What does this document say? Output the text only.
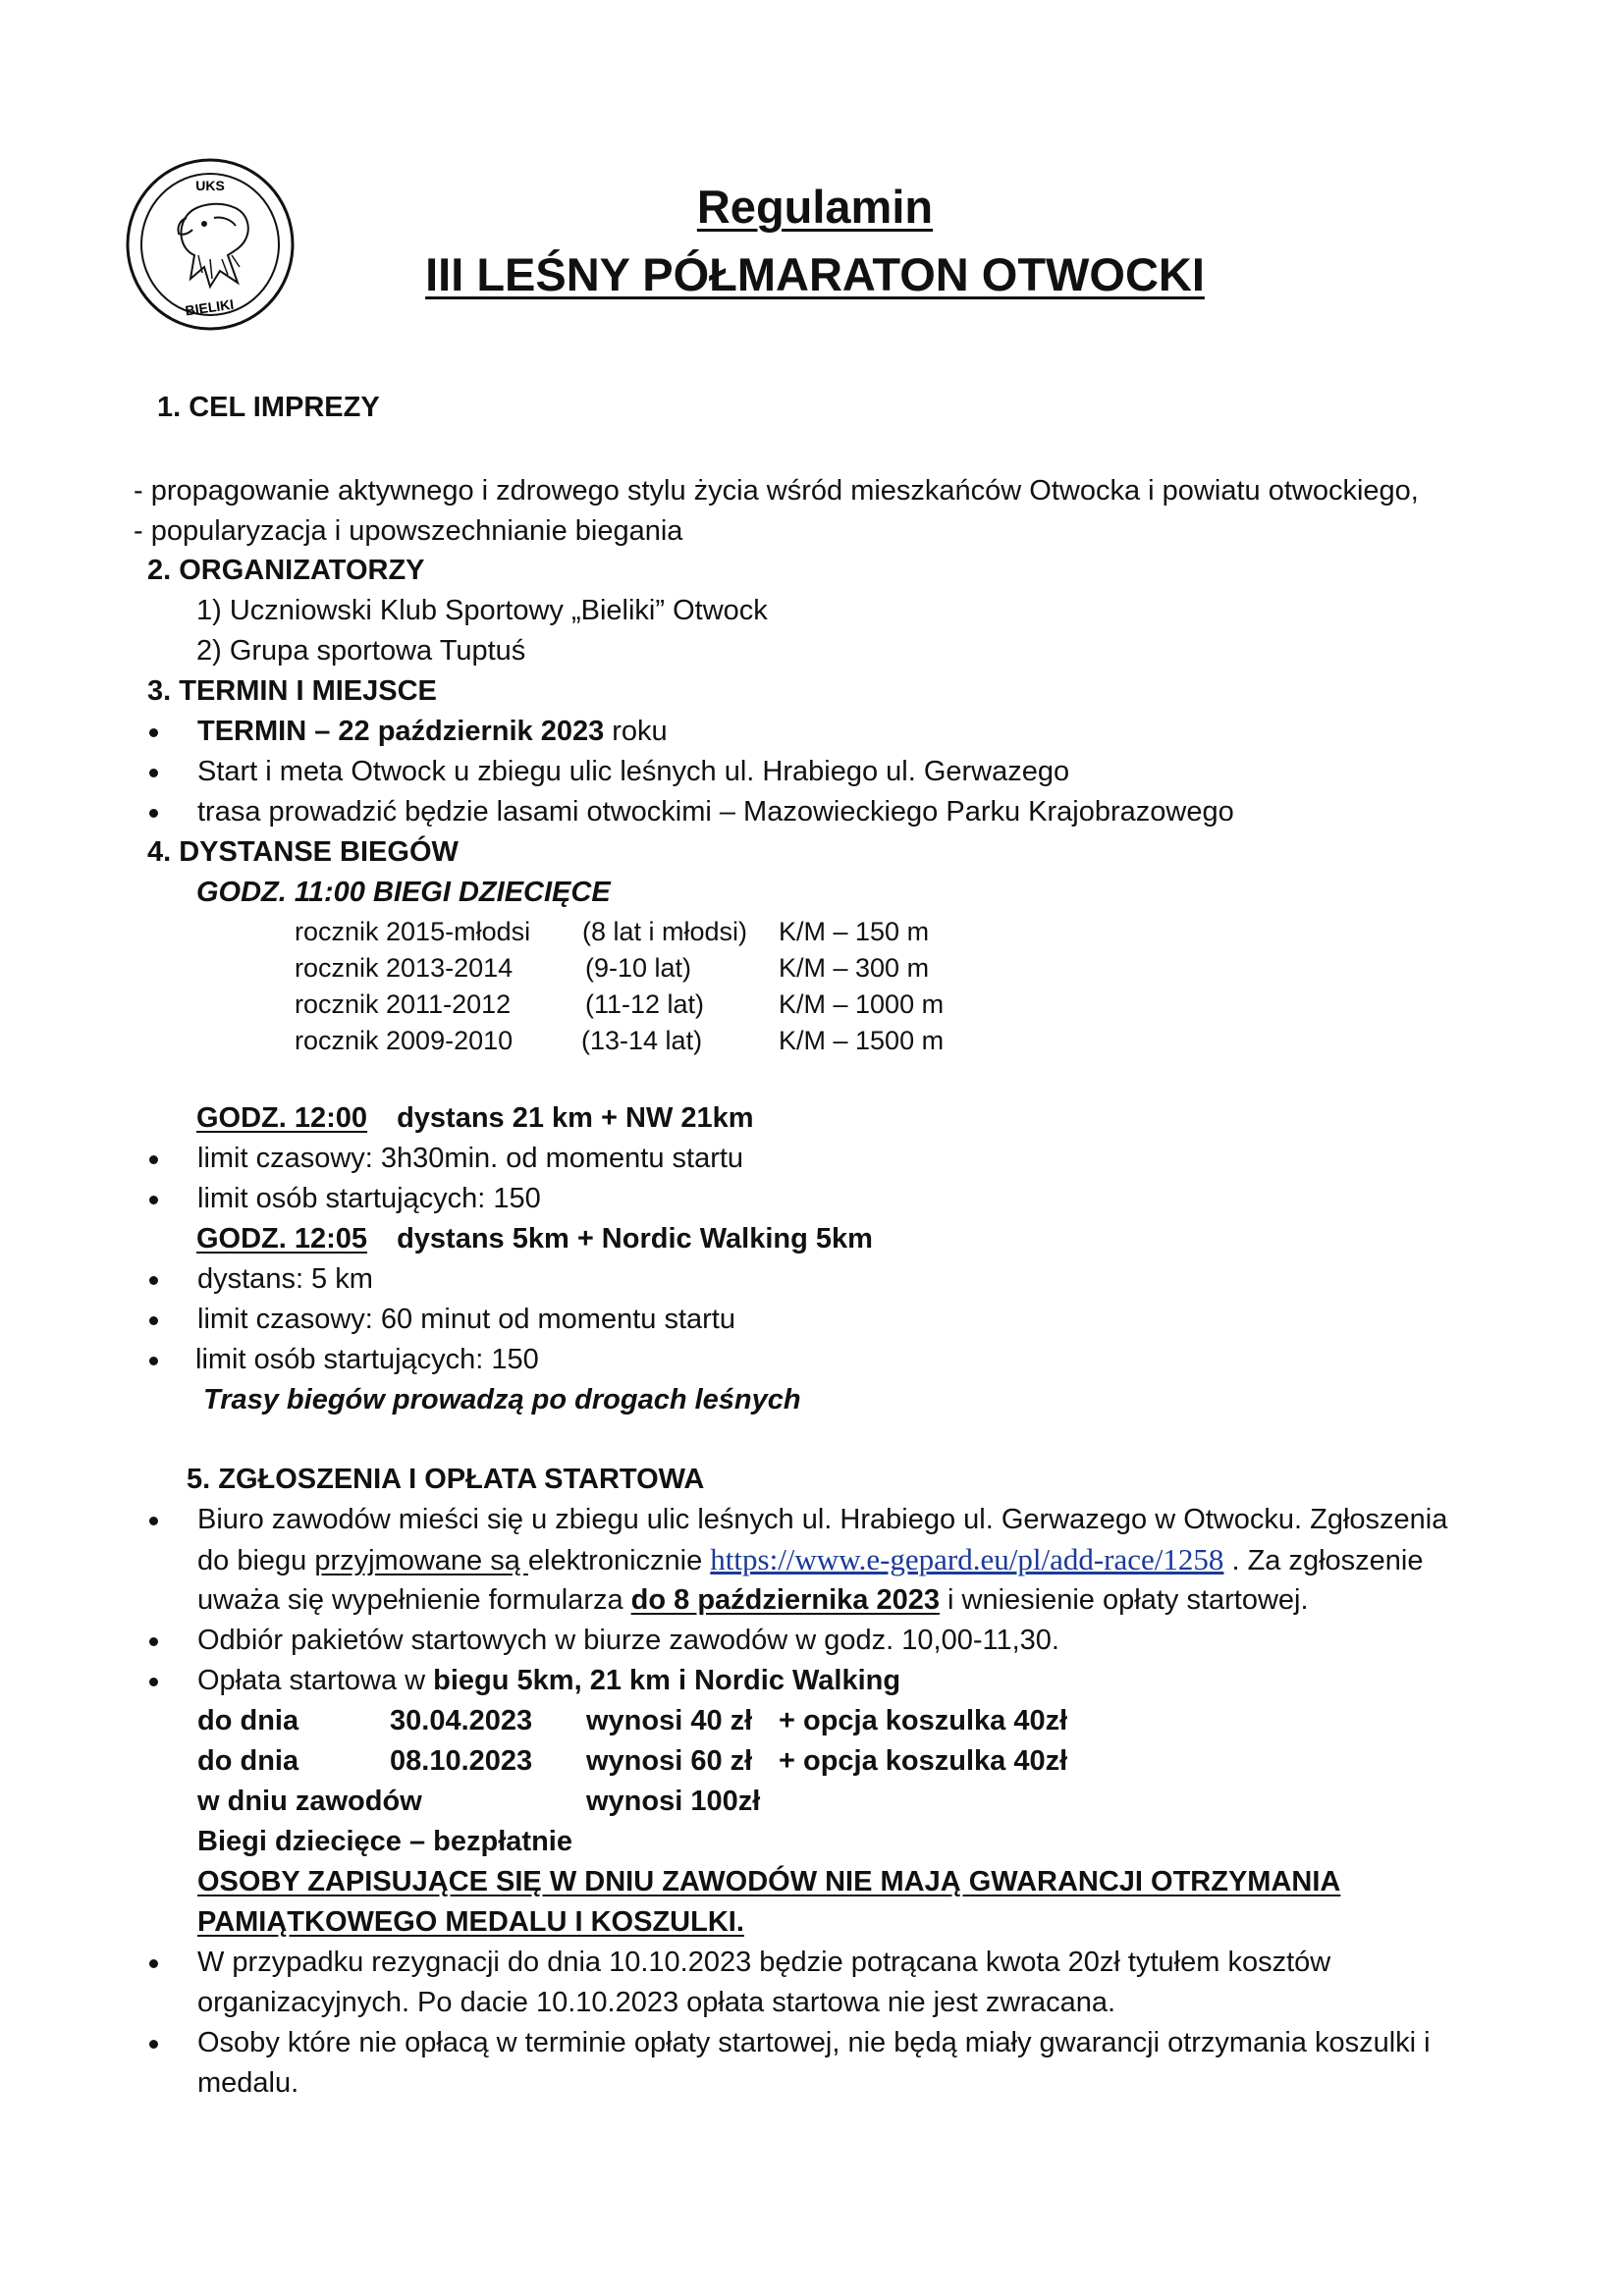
UKS
BIELIKI
Regulamin
III LEŚNY PÓŁMARATON OTWOCKI
1. CEL IMPREZY
- propagowanie aktywnego i zdrowego stylu życia wśród mieszkańców Otwocka i powiatu otwockiego,
- popularyzacja i upowszechnianie biegania
2. ORGANIZATORZY
1) Uczniowski Klub Sportowy „Bieliki” Otwock
2) Grupa sportowa Tuptuś
3. TERMIN I MIEJSCE
TERMIN – 22 październik 2023 roku
Start i meta Otwock u zbiegu ulic leśnych ul. Hrabiego ul. Gerwazego
trasa prowadzić będzie lasami otwockimi – Mazowieckiego Parku Krajobrazowego
4. DYSTANSE BIEGÓW
GODZ. 11:00 BIEGI DZIECIĘCE
rocznik 2015-młodsi (8 lat i młodsi) K/M – 150 m
rocznik 2013-2014	(9-10 lat)	K/M – 300 m
rocznik 2011-2012	(11-12 lat)	K/M – 1000 m
rocznik 2009-2010	(13-14 lat)	K/M – 1500 m
GODZ. 12:00 dystans 21 km + NW 21km
limit czasowy: 3h30min. od momentu startu
limit osób startujących: 150
GODZ. 12:05 dystans 5km + Nordic Walking 5km
dystans: 5 km
limit czasowy: 60 minut od momentu startu
limit osób startujących: 150
Trasy biegów prowadzą po drogach leśnych
5. ZGŁOSZENIA I OPŁATA STARTOWA
Biuro zawodów mieści się u zbiegu ulic leśnych ul. Hrabiego ul. Gerwazego w Otwocku. Zgłoszenia
do biegu przyjmowane są elektronicznie https://www.e-gepard.eu/pl/add-race/1258 . Za zgłoszenie
uważa się wypełnienie formularza do 8 października 2023 i wniesienie opłaty startowej.
Odbiór pakietów startowych w biurze zawodów w godz. 10,00-11,30.
Opłata startowa w biegu 5km, 21 km i Nordic Walking
do dnia	30.04.2023 wynosi 40 zł + opcja koszulka 40zł
do dnia	08.10.2023 wynosi 60 zł + opcja koszulka 40zł
w dniu zawodów	wynosi 100zł
Biegi dziecięce – bezpłatnie
OSOBY ZAPISUJĄCE SIĘ W DNIU ZAWODÓW NIE MAJĄ GWARANCJI OTRZYMANIA
PAMIĄTKOWEGO MEDALU I KOSZULKI.
W przypadku rezygnacji do dnia 10.10.2023 będzie potrącana kwota 20zł tytułem kosztów
organizacyjnych. Po dacie 10.10.2023 opłata startowa nie jest zwracana.
Osoby które nie opłacą w terminie opłaty startowej, nie będą miały gwarancji otrzymania koszulki i
medalu.
